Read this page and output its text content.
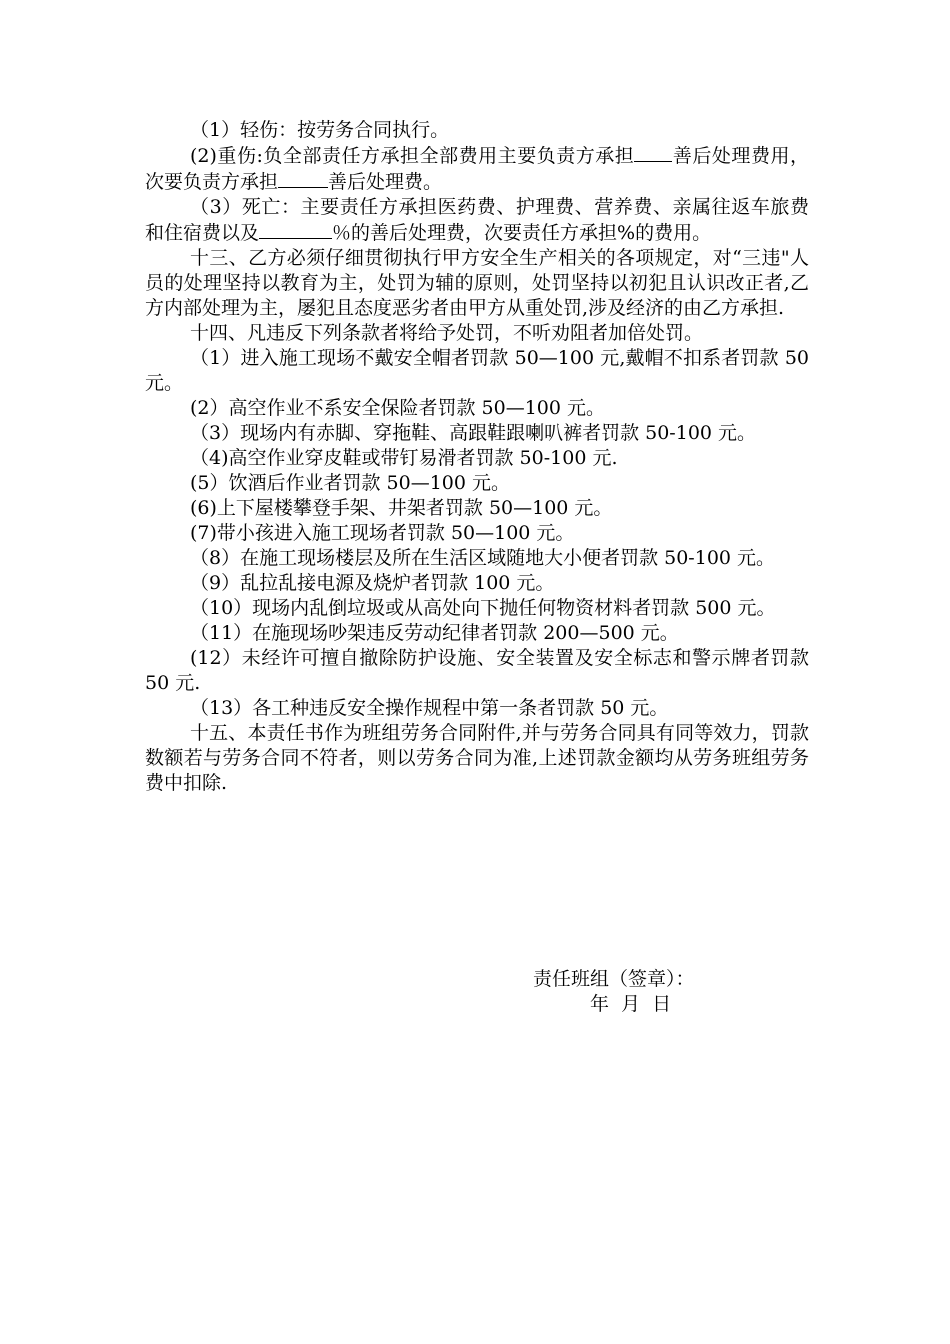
（1）轻伤：按劳务合同执行。

(2)重伤:负全部责任方承担全部费用主要负责方承担 善后处理费用，次要负责方承担	善后处理费。

（3）死亡：主要责任方承担医药费、护理费、营养费、亲属往返车旅费和住宿费以及	％的善后处理费，次要责任方承担%的费用。

十三、乙方必须仔细贯彻执行甲方安全生产相关的各项规定，对“三违"人员的处理坚持以教育为主，处罚为辅的原则，处罚坚持以初犯且认识改正者,乙方内部处理为主，屡犯且态度恶劣者由甲方从重处罚,涉及经济的由乙方承担.

十四、凡违反下列条款者将给予处罚，不听劝阻者加倍处罚。

（1）进入施工现场不戴安全帽者罚款 50—100 元,戴帽不扣系者罚款 50 元。

(2）高空作业不系安全保险者罚款 50—100 元。

（3）现场内有赤脚、穿拖鞋、高跟鞋跟喇叭裤者罚款 50-100 元。

（4)高空作业穿皮鞋或带钉易滑者罚款 50-100 元.

(5）饮酒后作业者罚款 50—100 元。

(6)上下屋楼攀登手架、井架者罚款 50—100 元。

(7)带小孩进入施工现场者罚款 50—100 元。

（8）在施工现场楼层及所在生活区域随地大小便者罚款 50-100 元。

（9）乱拉乱接电源及烧炉者罚款 100 元。

（10）现场内乱倒垃圾或从高处向下抛任何物资材料者罚款 500 元。

（11）在施现场吵架违反劳动纪律者罚款 200—500 元。

(12）未经许可擅自撤除防护设施、安全装置及安全标志和警示牌者罚款 50 元.

（13）各工种违反安全操作规程中第一条者罚款 50 元。

十五、本责任书作为班组劳务合同附件,并与劳务合同具有同等效力，罚款数额若与劳务合同不符者，则以劳务合同为准,上述罚款金额均从劳务班组劳务费中扣除.

责任班组（签章）：
年  月  日
